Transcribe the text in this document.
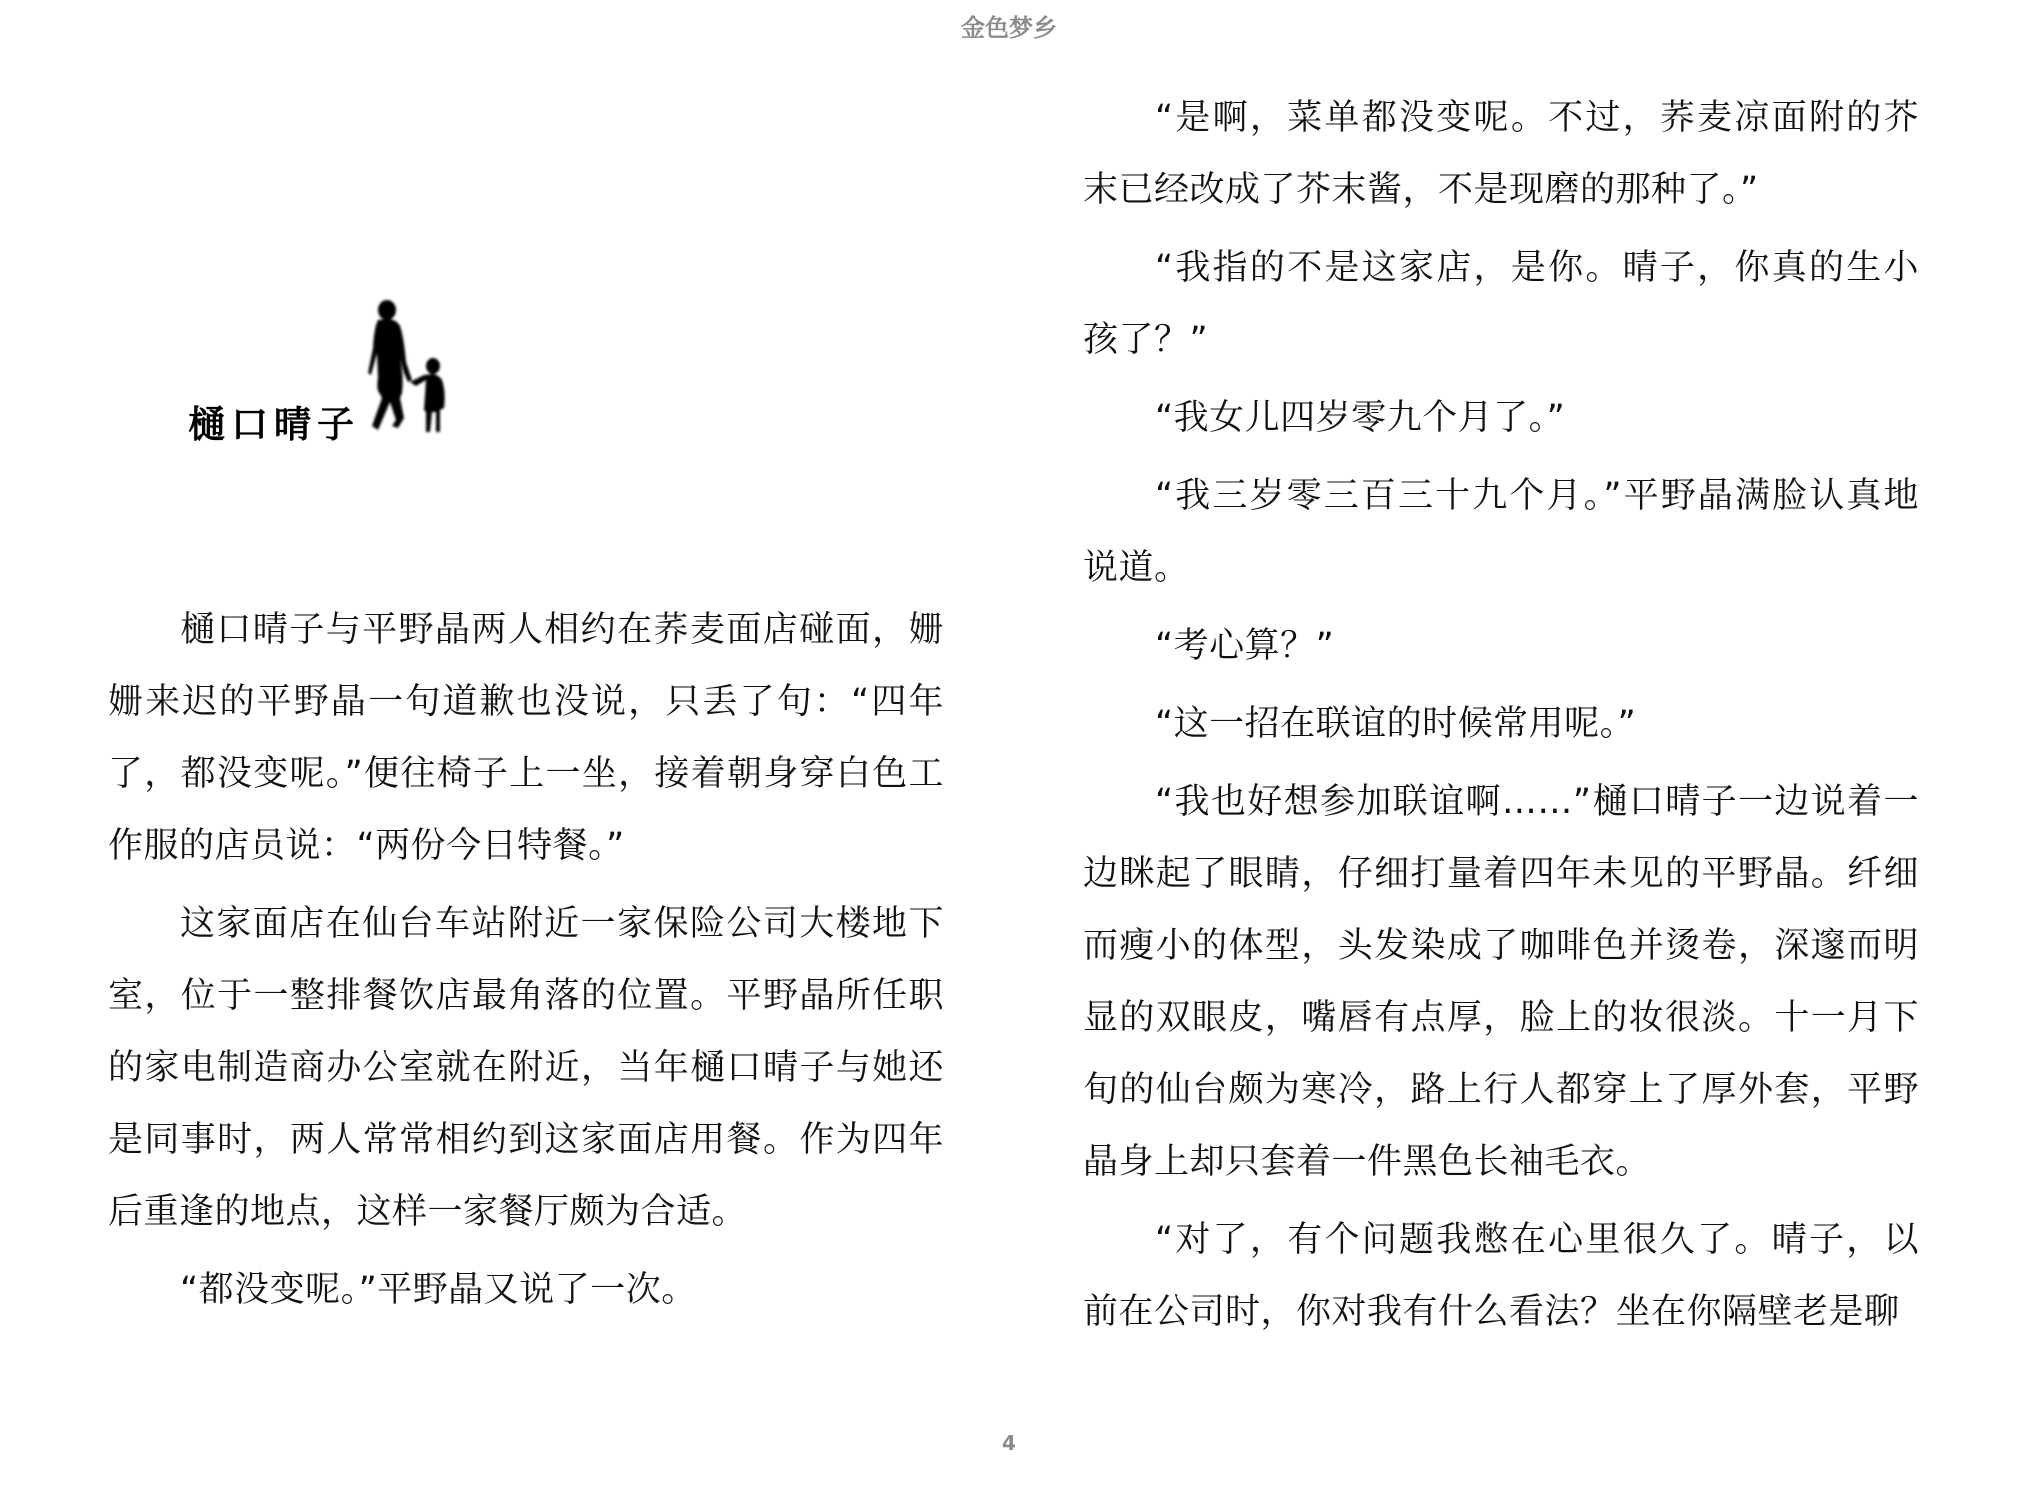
金色梦乡
樋口晴子

樋口晴子与平野晶两人相约在荞麦面店碰面，姗姗来迟的平野晶一句道歉也没说，只丢了句：“四年了，都没变呢。”便往椅子上一坐，接着朝身穿白色工作服的店员说：“两份今日特餐。”

这家面店在仙台车站附近一家保险公司大楼地下室，位于一整排餐饮店最角落的位置。平野晶所任职的家电制造商办公室就在附近，当年樋口晴子与她还是同事时，两人常常相约到这家面店用餐。作为四年后重逢的地点，这样一家餐厅颇为合适。

“都没变呢。”平野晶又说了一次。

“是啊，菜单都没变呢。不过，荞麦凉面附的芥末已经改成了芥末酱，不是现磨的那种了。”

“我指的不是这家店，是你。晴子，你真的生小孩了？”

“我女儿四岁零九个月了。”

“我三岁零三百三十九个月。”平野晶满脸认真地说道。

“考心算？”

“这一招在联谊的时候常用呢。”

“我也好想参加联谊啊……”樋口晴子一边说着一边眯起了眼睛，仔细打量着四年未见的平野晶。纤细而瘦小的体型，头发染成了咖啡色并烫卷，深邃而明显的双眼皮，嘴唇有点厚，脸上的妆很淡。十一月下旬的仙台颇为寒冷，路上行人都穿上了厚外套，平野晶身上却只套着一件黑色长袖毛衣。

“对了，有个问题我憋在心里很久了。晴子，以前在公司时，你对我有什么看法？坐在你隔壁老是聊

4
